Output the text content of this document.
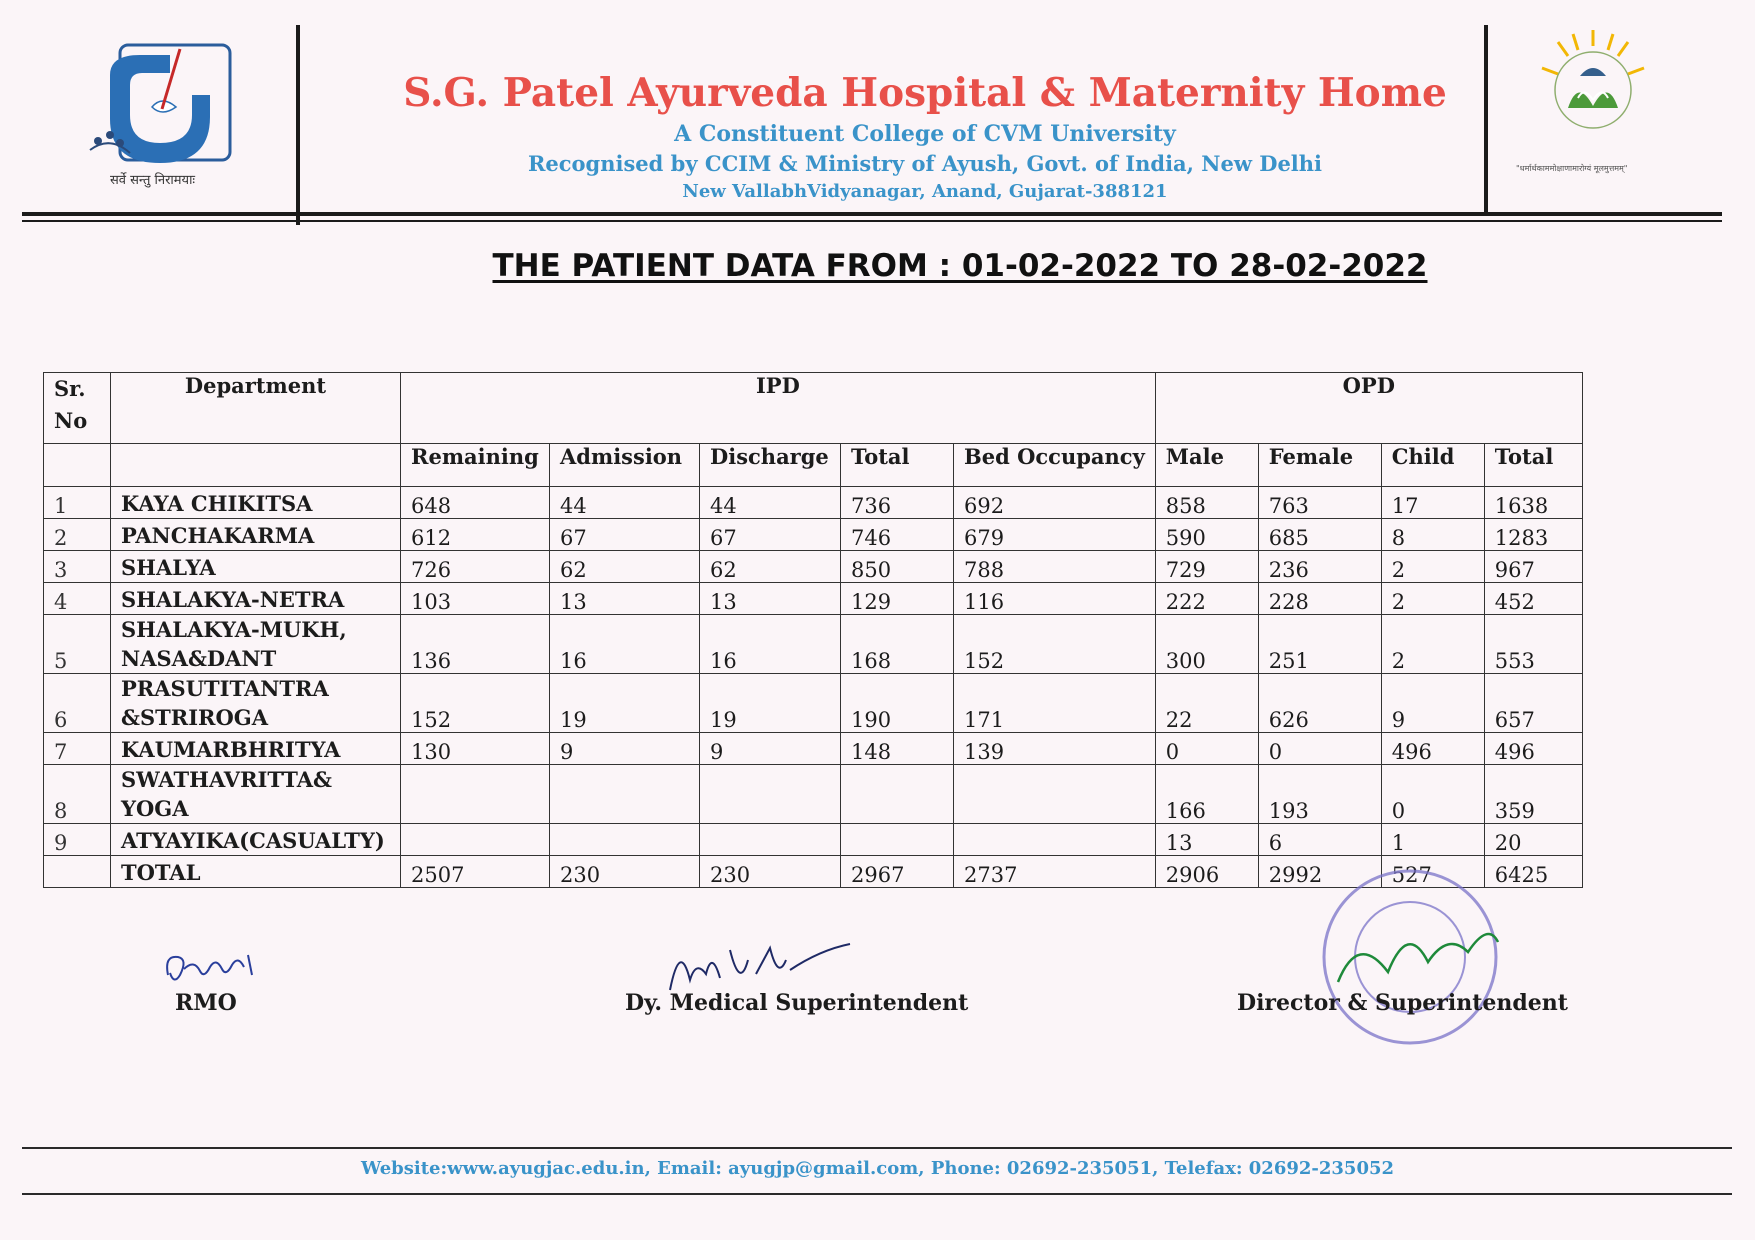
सर्वे सन्तु निरामयाः
S.G. Patel Ayurveda Hospital & Maternity Home
A Constituent College of CVM University
Recognised by CCIM & Ministry of Ayush, Govt. of India, New Delhi
New VallabhVidyanagar, Anand, Gujarat-388121
"धर्मार्थकाममोक्षाणामारोग्यं मूलमुत्तमम्"
THE PATIENT DATA FROM : 01-02-2022 TO 28-02-2022
Sr. No	Department	IPD					OPD			
		Remaining	Admission	Discharge	Total	Bed Occupancy	Male	Female	Child	Total
1	KAYA CHIKITSA	648	44	44	736	692	858	763	17	1638
2	PANCHAKARMA	612	67	67	746	679	590	685	8	1283
3	SHALYA	726	62	62	850	788	729	236	2	967
4	SHALAKYA-NETRA	103	13	13	129	116	222	228	2	452
5	SHALAKYA-MUKH,
NASA&DANT	136	16	16	168	152	300	251	2	553
6	PRASUTITANTRA
&STRIROGA	152	19	19	190	171	22	626	9	657
7	KAUMARBHRITYA	130	9	9	148	139	0	0	496	496
8	SWATHAVRITTA&
YOGA						166	193	0	359
9	ATYAYIKA(CASUALTY)						13	6	1	20
	TOTAL	2507	230	230	2967	2737	2906	2992	527	6425
RMO	Dy. Medical Superintendent	Director & Superintendent
Website:www.ayugjac.edu.in, Email: ayugjp@gmail.com, Phone: 02692-235051, Telefax: 02692-235052
